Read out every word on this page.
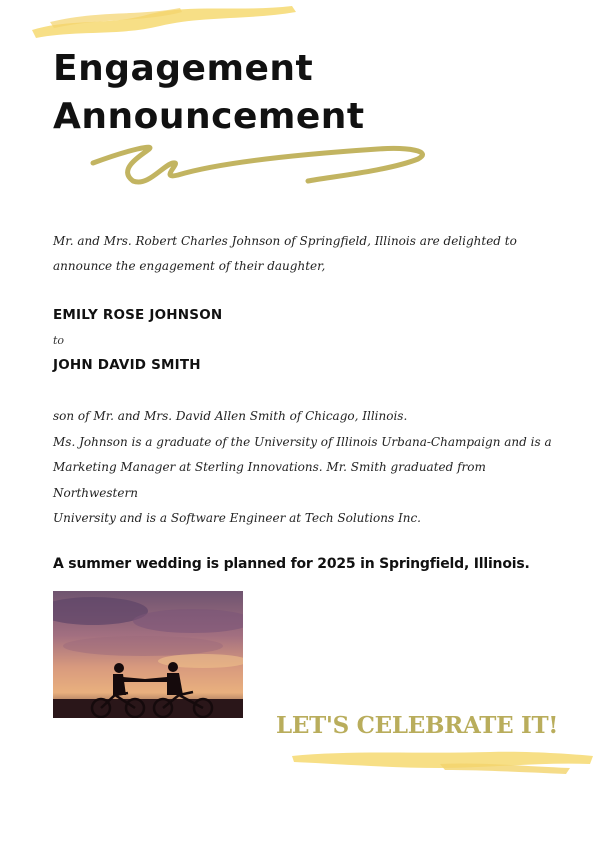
Engagement
Announcement

Mr. and Mrs. Robert Charles Johnson of Springfield, Illinois are delighted to announce the engagement of their daughter,

EMILY ROSE JOHNSON

to

JOHN DAVID SMITH

son of Mr. and Mrs. David Allen Smith of Chicago, Illinois.
Ms. Johnson is a graduate of the University of Illinois Urbana-Champaign and is a
Marketing Manager at Sterling Innovations. Mr. Smith graduated from Northwestern
University and is a Software Engineer at Tech Solutions Inc.

A summer wedding is planned for 2025 in Springfield, Illinois.

LET'S CELEBRATE IT!
